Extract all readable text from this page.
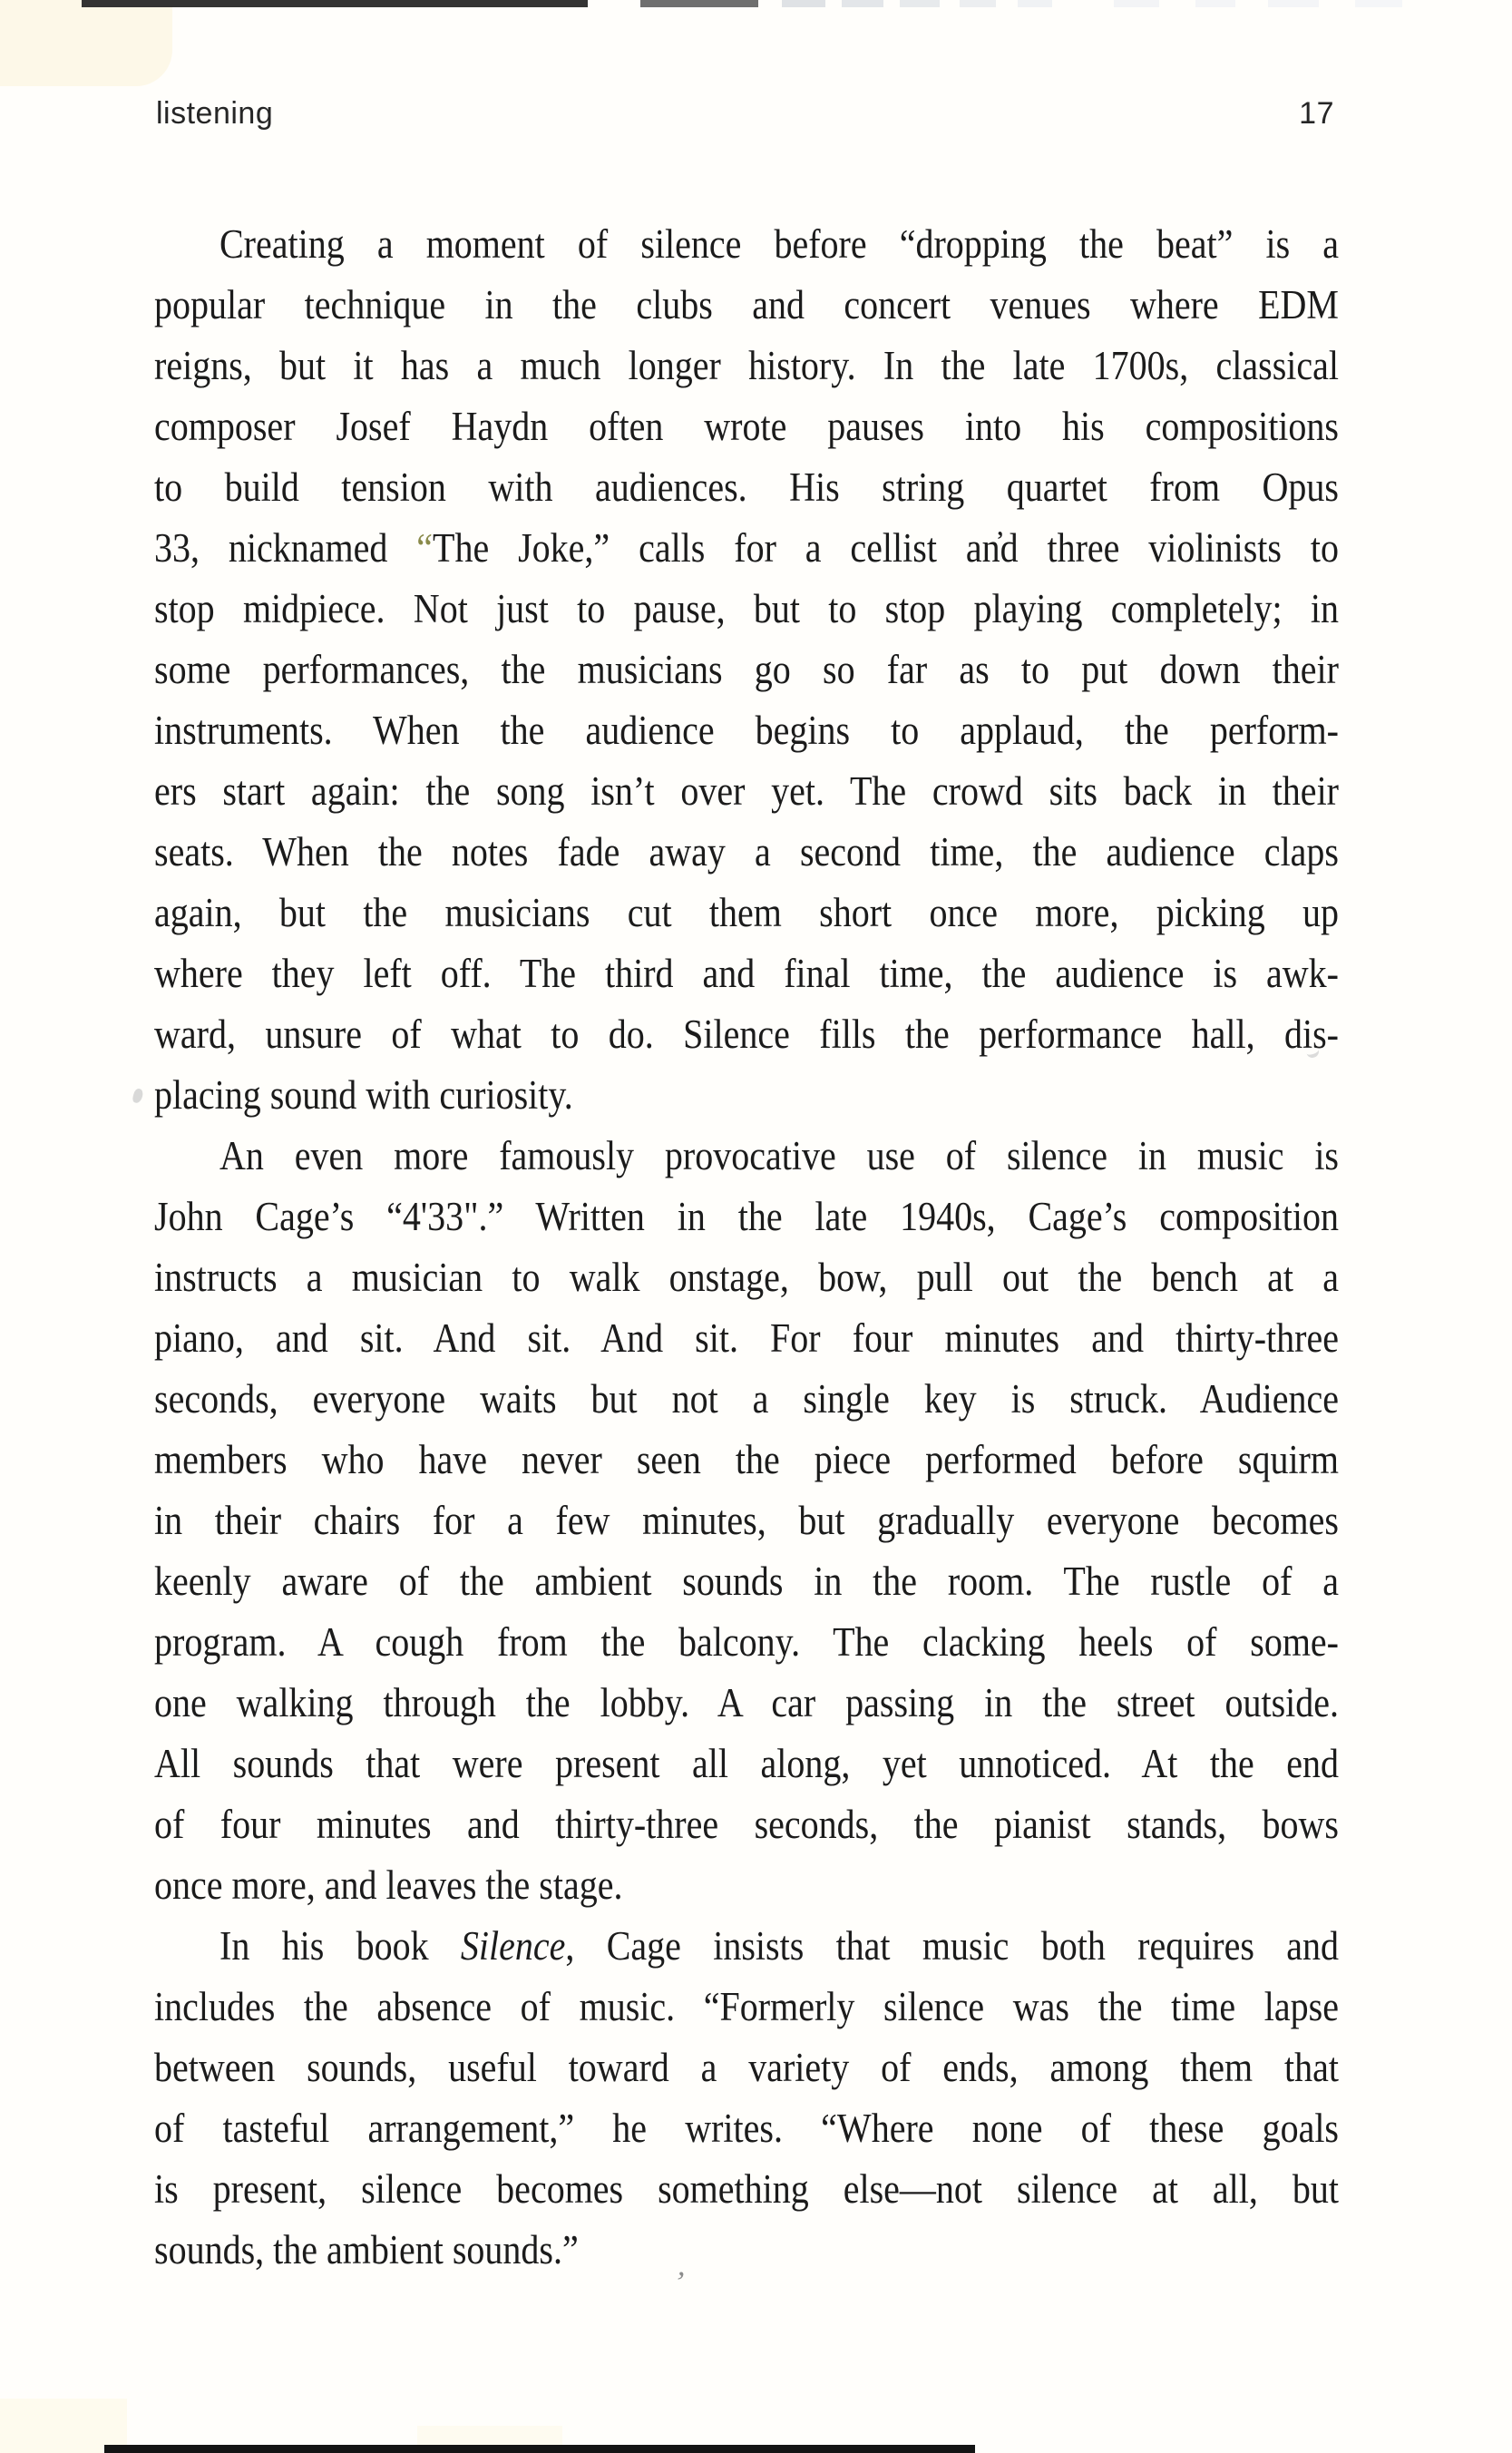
listening	17
Creating a moment of silence before “dropping the beat” is a
popular technique in the clubs and concert venues where EDM
reigns, but it has a much longer history. In the late 1700s, classical
composer Josef Haydn often wrote pauses into his compositions
to build tension with audiences. His string quartet from Opus
33, nicknamed “The Joke,” calls for a cellist an̓d three violinists to
stop midpiece. Not just to pause, but to stop playing completely; in
some performances, the musicians go so far as to put down their
instruments. When the audience begins to applaud, the perform-
ers start again: the song isn’t over yet. The crowd sits back in their
seats. When the notes fade away a second time, the audience claps
again, but the musicians cut them short once more, picking up
where they left off. The third and final time, the audience is awk-
ward, unsure of what to do. Silence fills the performance hall, dis-
placing sound with curiosity.
An even more famously provocative use of silence in music is
John Cage’s “4'33".” Written in the late 1940s, Cage’s composition
instructs a musician to walk onstage, bow, pull out the bench at a
piano, and sit. And sit. And sit. For four minutes and thirty-three
seconds, everyone waits but not a single key is struck. Audience
members who have never seen the piece performed before squirm
in their chairs for a few minutes, but gradually everyone becomes
keenly aware of the ambient sounds in the room. The rustle of a
program. A cough from the balcony. The clacking heels of some-
one walking through the lobby. A car passing in the street outside.
All sounds that were present all along, yet unnoticed. At the end
of four minutes and thirty-three seconds, the pianist stands, bows
once more, and leaves the stage.
In his book Silence, Cage insists that music both requires and
includes the absence of music. “Formerly silence was the time lapse
between sounds, useful toward a variety of ends, among them that
of tasteful arrangement,” he writes. “Where none of these goals
is present, silence becomes something else—not silence at all, but
sounds, the ambient sounds.”
’
